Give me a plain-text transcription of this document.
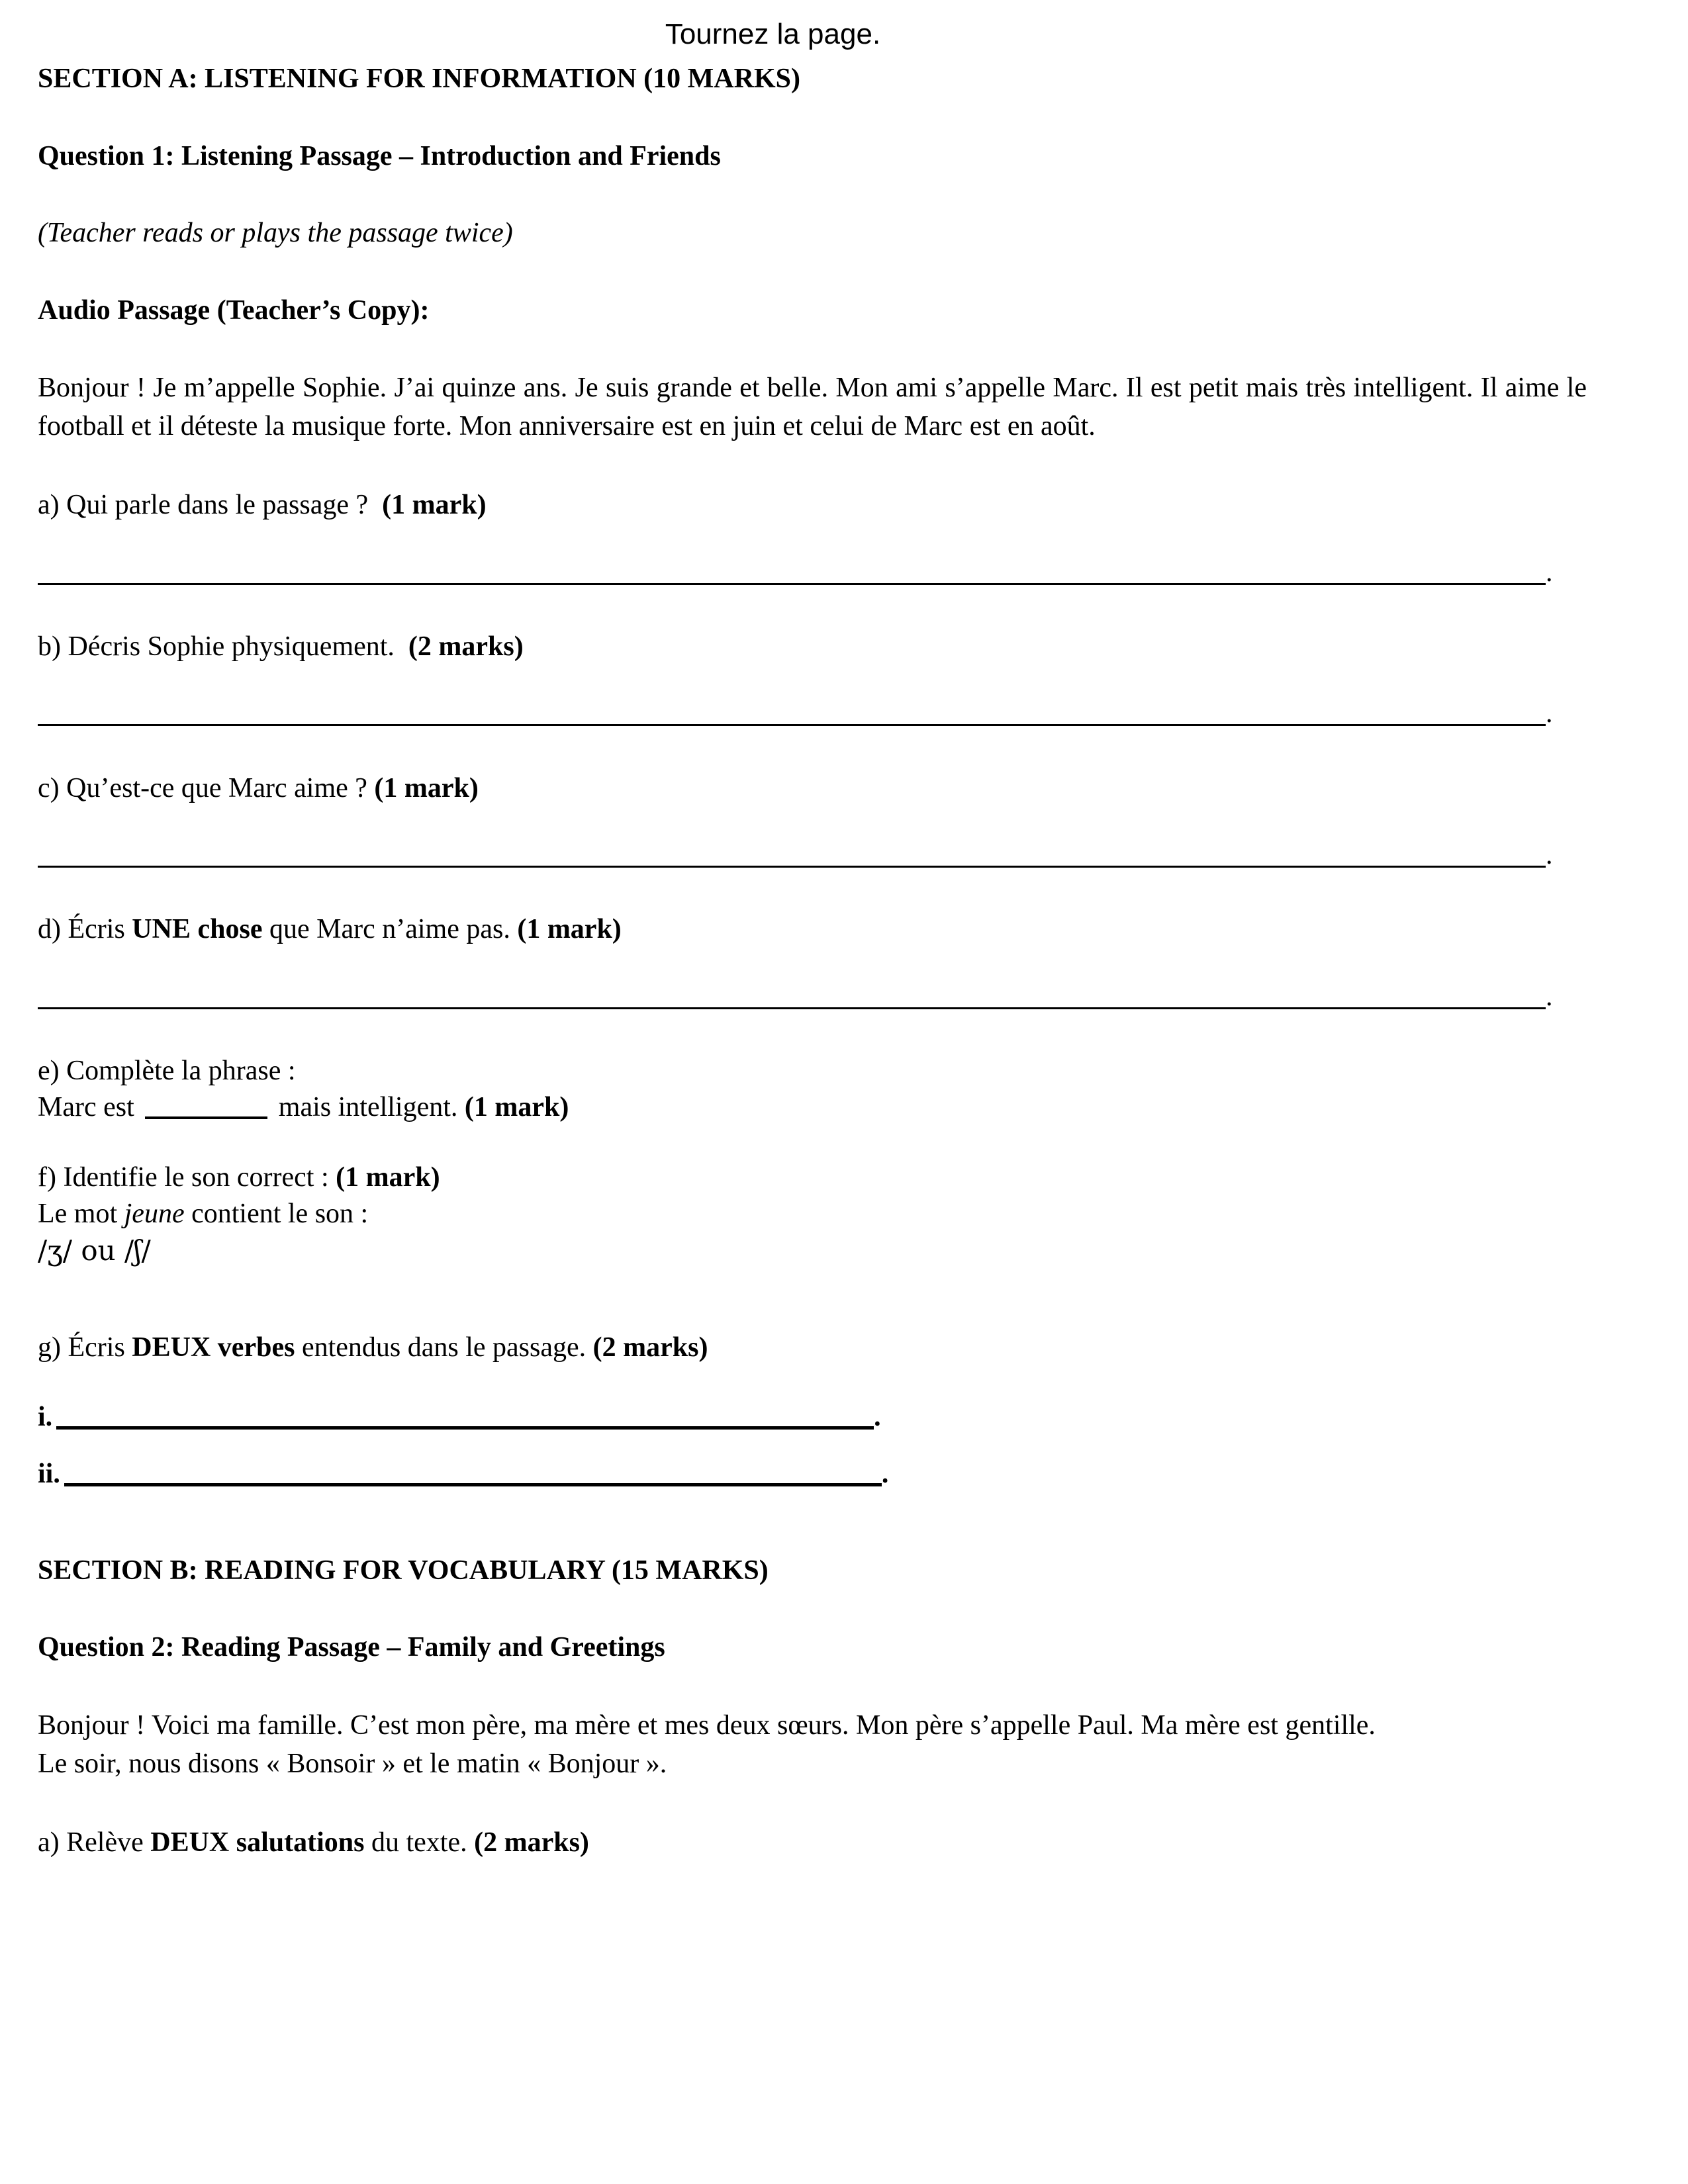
Tournez la page.
SECTION A: LISTENING FOR INFORMATION (10 MARKS)
Question 1: Listening Passage – Introduction and Friends
(Teacher reads or plays the passage twice)
Audio Passage (Teacher’s Copy):
Bonjour ! Je m’appelle Sophie. J’ai quinze ans. Je suis grande et belle. Mon ami s’appelle Marc. Il est petit mais très intelligent. Il aime le football et il déteste la musique forte. Mon anniversaire est en juin et celui de Marc est en août.
a) Qui parle dans le passage ? (1 mark)
.
b) Décris Sophie physiquement. (2 marks)
.
c) Qu’est-ce que Marc aime ? (1 mark)
.
d) Écris UNE chose que Marc n’aime pas. (1 mark)
.
e) Complète la phrase :
Marc est	mais intelligent. (1 mark)
f) Identifie le son correct : (1 mark)
Le mot jeune contient le son :
/ʒ/ ou /ʃ/
g) Écris DEUX verbes entendus dans le passage. (2 marks)
i.	.
ii.	.
SECTION B: READING FOR VOCABULARY (15 MARKS)
Question 2: Reading Passage – Family and Greetings
Bonjour ! Voici ma famille. C’est mon père, ma mère et mes deux sœurs. Mon père s’appelle Paul. Ma mère est gentille.
Le soir, nous disons « Bonsoir » et le matin « Bonjour ».
a) Relève DEUX salutations du texte. (2 marks)
